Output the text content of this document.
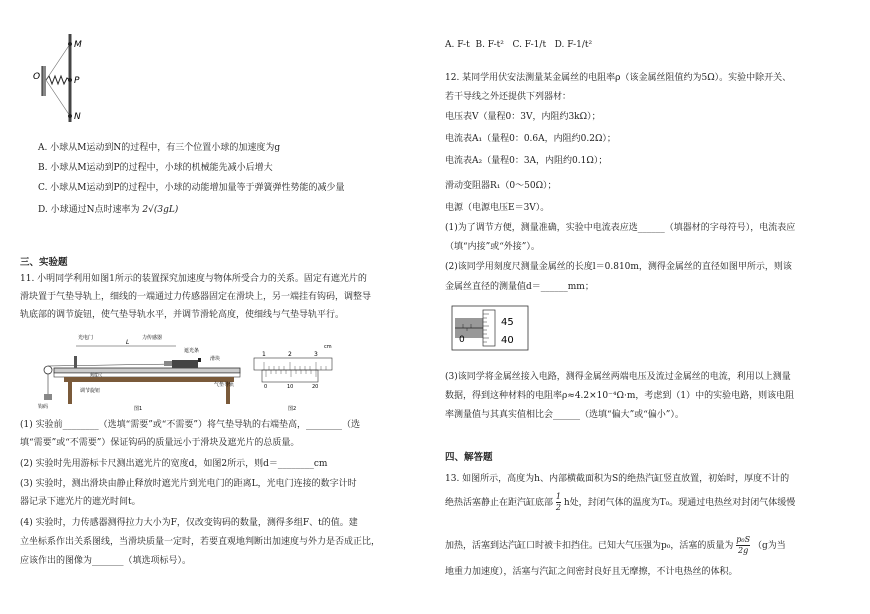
M
P
N
O
A. 小球从M运动到N的过程中，有三个位置小球的加速度为g
B. 小球从M运动到P的过程中，小球的机械能先减小后增大
C. 小球从M运动到P的过程中，小球的动能增加量等于弹簧弹性势能的减少量
D. 小球通过N点时速率为 2√(3gL)
三、实验题
11. 小明同学利用如图1所示的装置探究加速度与物体所受合力的关系。固定有遮光片的
滑块置于气垫导轨上，细线的一端通过力传感器固定在滑块上，另一端挂有钩码，调整导
轨底部的调节旋钮，使气垫导轨水平，并调节滑轮高度，使细线与气垫导轨平行。
L
光电门	力传感器
遮光条
滑块
刻度尺
气垫导轨
调节旋钮
钩码	图1
cm
1	2	3
0	10	20
图2
(1) 实验前________（选填“需要”或“不需要”）将气垫导轨的右端垫高，________（选
填“需要”或“不需要”）保证钩码的质量远小于滑块及遮光片的总质量。
(2) 实验时先用游标卡尺测出遮光片的宽度d，如图2所示，则d＝________cm
(3) 实验时，测出滑块由静止释放时遮光片到光电门的距离L，光电门连接的数字计时
器记录下遮光片的遮光时间t。
(4) 实验时，力传感器测得拉力大小为F，仅改变钩码的数量，测得多组F、t的值。建
立坐标系作出关系图线，当滑块质量一定时，若要直观地判断出加速度与外力是否成正比，
应该作出的图像为_______（填选项标号）。
A. F-t B. F-t² C. F-1/t D. F-1/t²
12. 某同学用伏安法测量某金属丝的电阻率ρ（该金属丝阻值约为5Ω）。实验中除开关、
若干导线之外还提供下列器材：
电压表V（量程0：3V，内阻约3kΩ）；
电流表A₁（量程0：0.6A，内阻约0.2Ω）；
电流表A₂（量程0：3A，内阻约0.1Ω）；
滑动变阻器R₁（0～50Ω）；
电源（电源电压E＝3V）。
(1)为了调节方便，测量准确，实验中电流表应选______（填器材的字母符号），电流表应
（填“内接”或“外接”）。
(2)该同学用刻度尺测量金属丝的长度l＝0.810m，测得金属丝的直径如图甲所示，则该
金属丝直径的测量值d＝______mm；
45
40
0
(3)该同学将金属丝接入电路，测得金属丝两端电压及流过金属丝的电流，利用以上测量
数据，得到这种材料的电阻率ρ≈4.2×10⁻⁴Ω·m，考虑到（1）中的实验电路，则该电阻
率测量值与其真实值相比会______（选填“偏大”或“偏小”）。
四、解答题
13. 如图所示，高度为h、内部横截面积为S的绝热汽缸竖直放置，初始时，厚度不计的
绝热活塞静止在距汽缸底部 $\frac{1}{2}$ h处，封闭气体的温度为T₀。现通过电热丝对封闭气体缓慢
加热，活塞到达汽缸口时被卡扣挡住。已知大气压强为p₀，活塞的质量为 $\frac{\text{p₀S}}{2g} (g$为当
地重力加速度），活塞与汽缸之间密封良好且无摩擦，不计电热丝的体积。
